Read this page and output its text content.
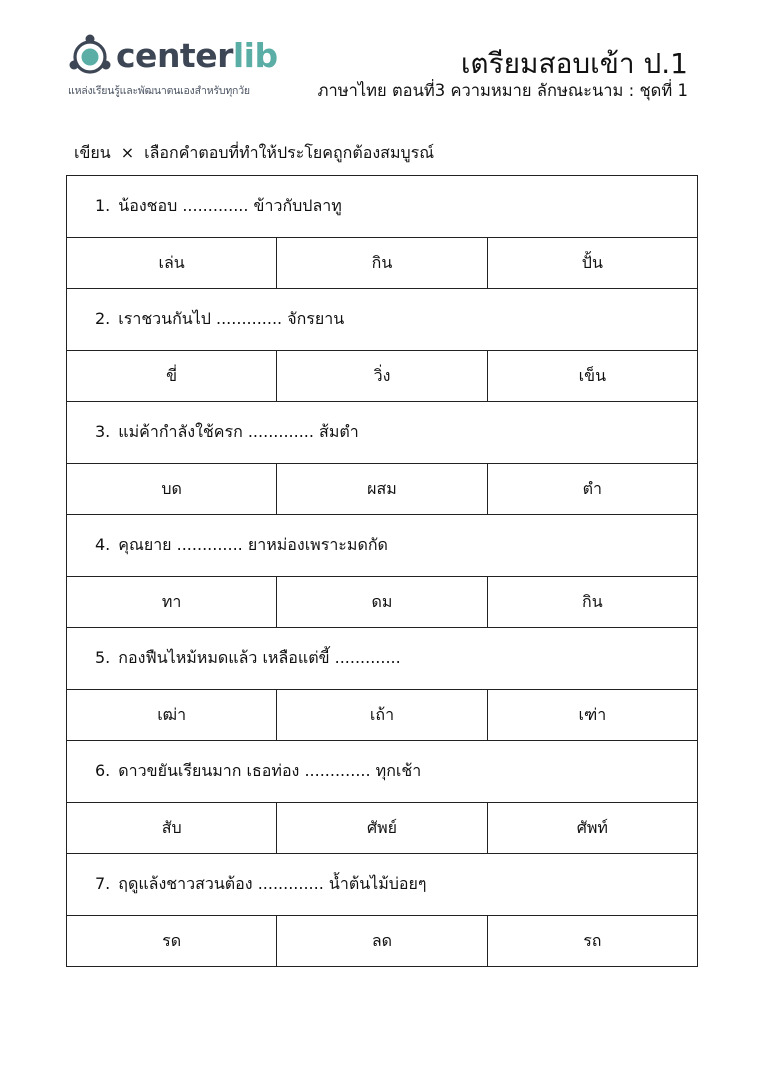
centerlib
แหล่งเรียนรู้และพัฒนาตนเองสำหรับทุกวัย
เตรียมสอบเข้า ป.1
ภาษาไทย ตอนที่3 ความหมาย ลักษณะนาม : ชุดที่ 1
เขียน × เลือกคำตอบที่ทำให้ประโยคถูกต้องสมบูรณ์
1. น้องชอบ ............. ข้าวกับปลาทู		
เล่น	กิน	ปั้น
2. เราชวนกันไป ............. จักรยาน		
ขี่	วิ่ง	เข็น
3. แม่ค้ากำลังใช้ครก ............. ส้มตำ		
บด	ผสม	ตำ
4. คุณยาย ............. ยาหม่องเพราะมดกัด		
ทา	ดม	กิน
5. กองฟืนไหม้หมดแล้ว เหลือแต่ขี้ .............		
เฒ่า	เถ้า	เฑ่า
6. ดาวขยันเรียนมาก เธอท่อง ............. ทุกเช้า		
สับ	ศัพย์	ศัพท์
7. ฤดูแล้งชาวสวนต้อง ............. น้ำต้นไม้บ่อยๆ		
รด	ลด	รถ
